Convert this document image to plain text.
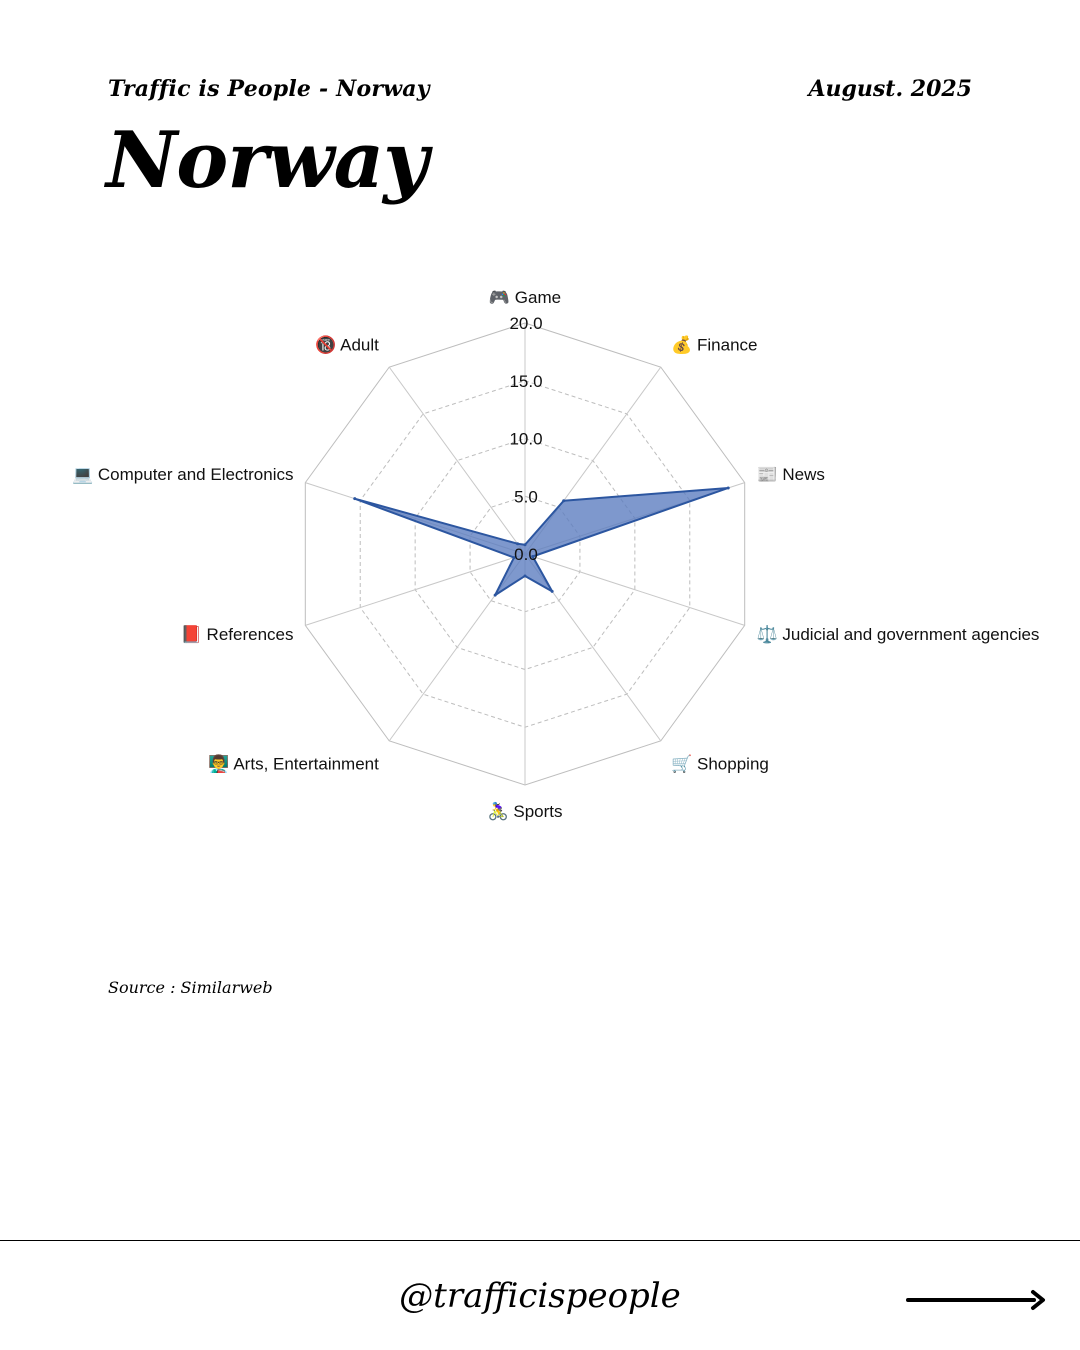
Traffic is People - Norway	August. 2025
Norway
0.0
5.0
10.0
15.0
20.0
🎮 Game
💰 Finance
📰 News
⚖️ Judicial and government agencies
🛒 Shopping
🚴‍♀️ Sports
👨‍🏫 Arts, Entertainment
📕 References
💻 Computer and Electronics
🔞 Adult
Source : Similarweb
@trafficispeople
